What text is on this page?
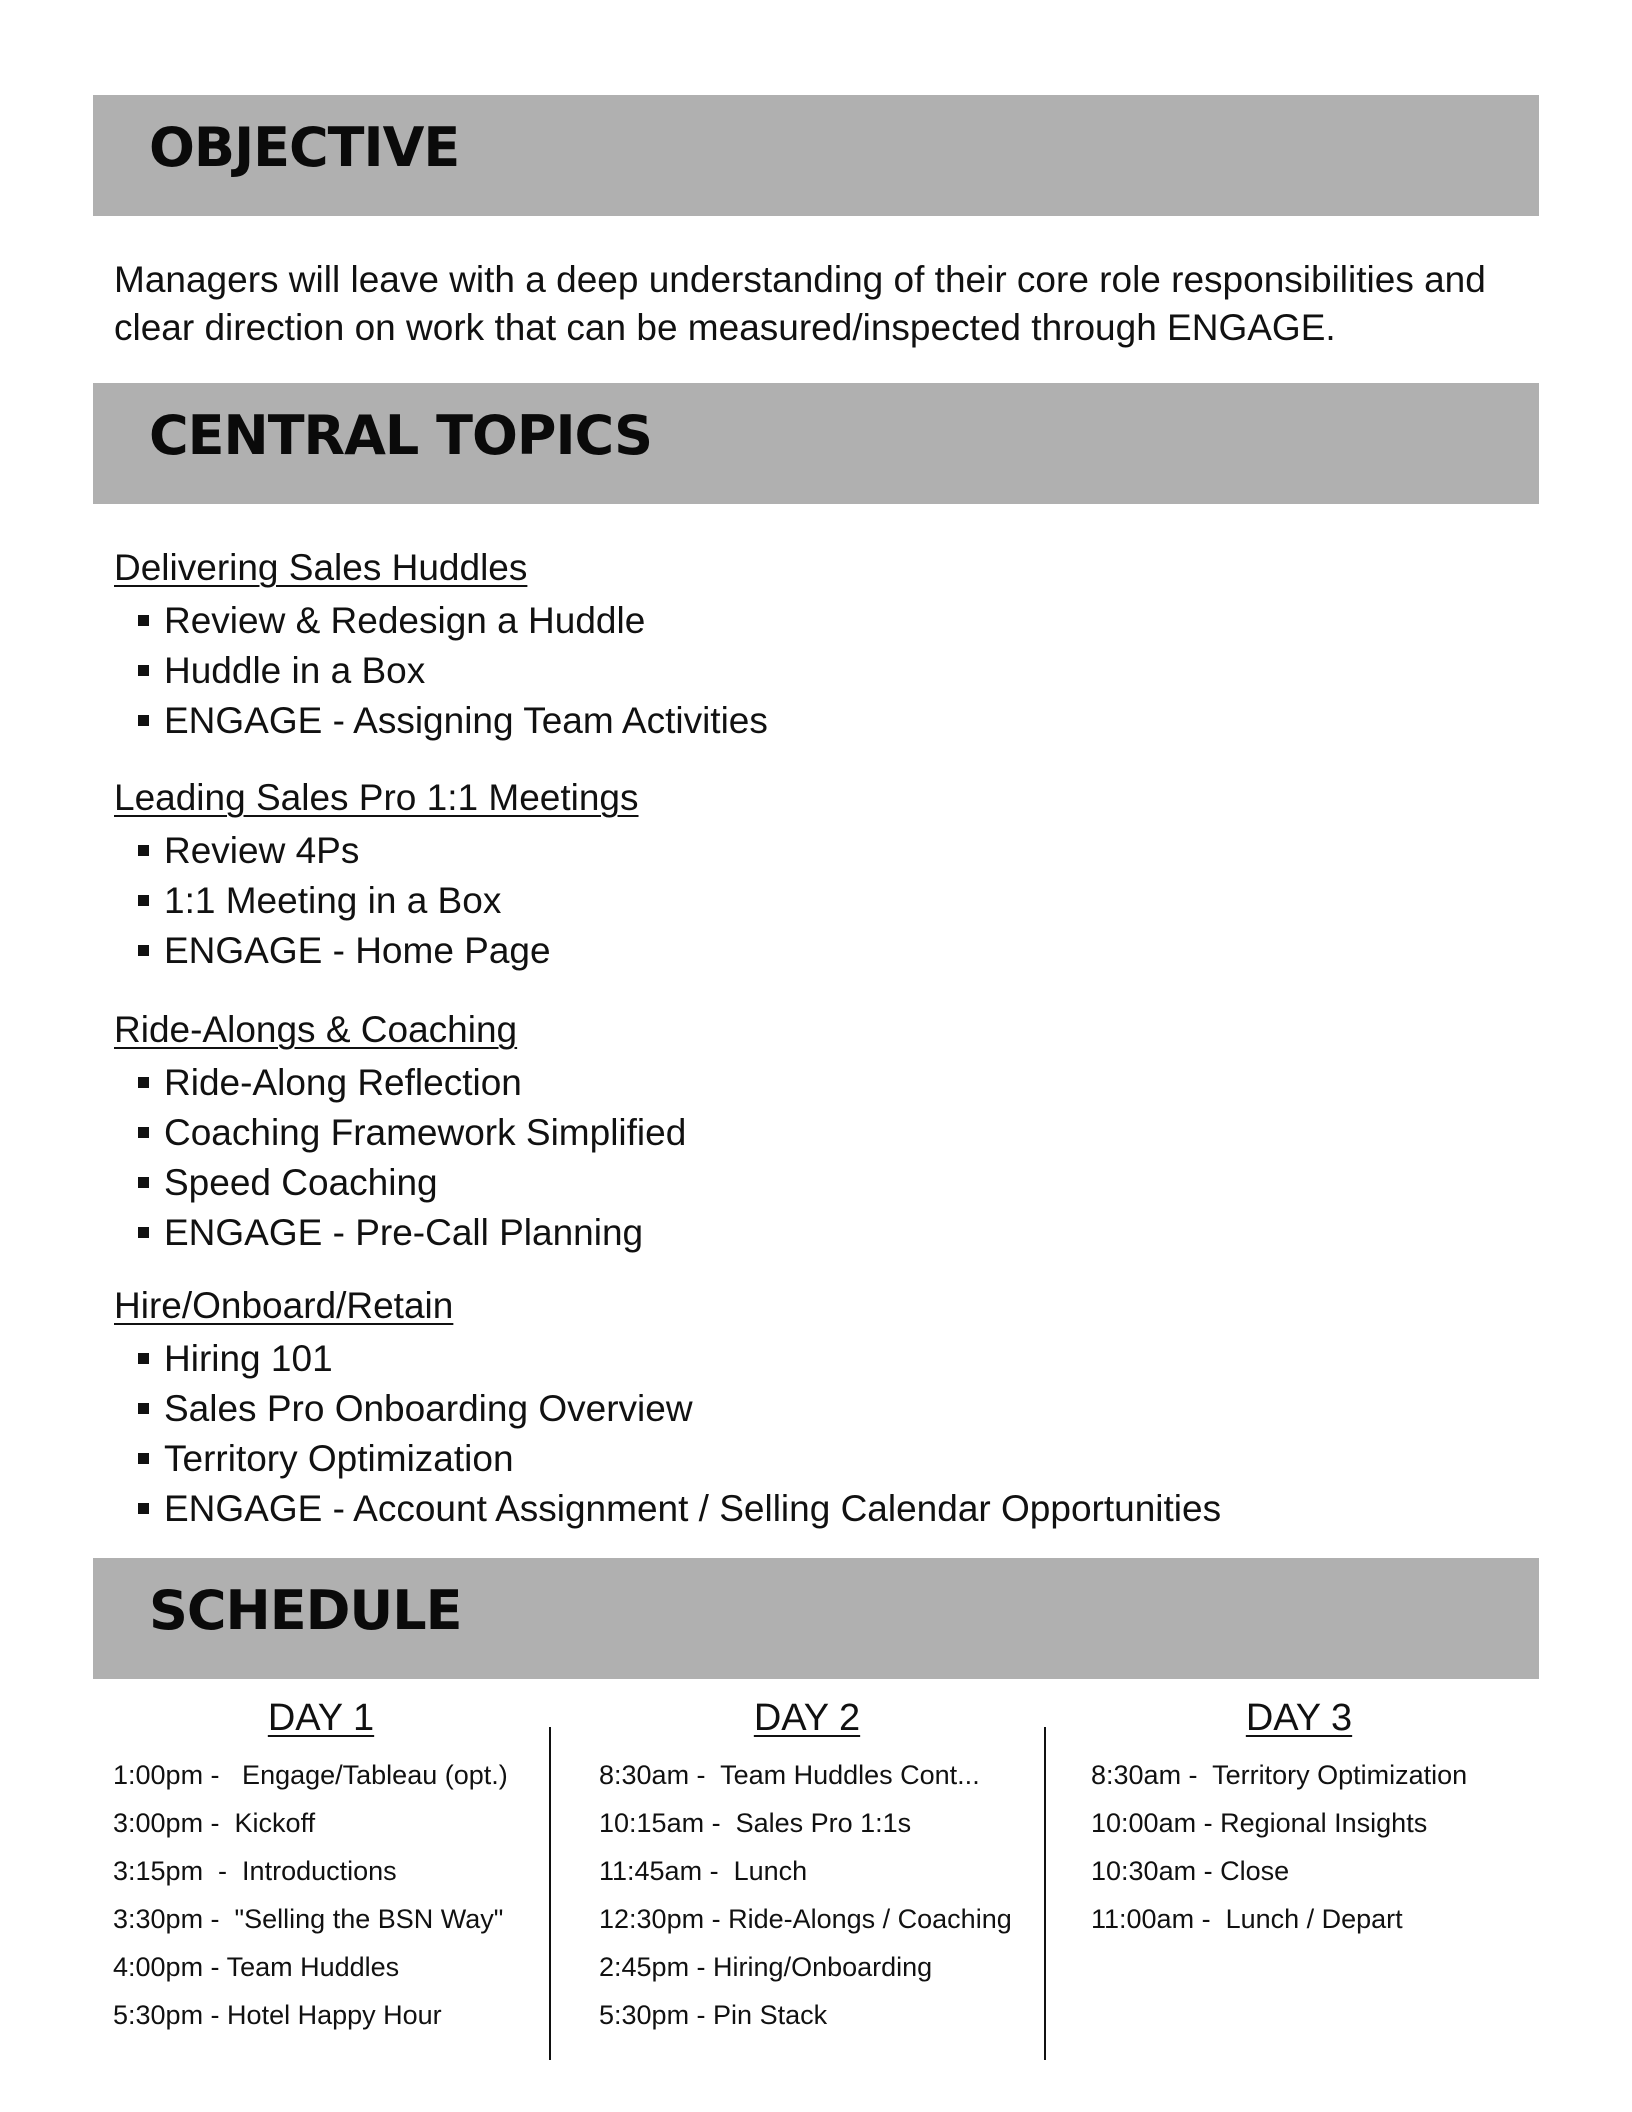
OBJECTIVE

Managers will leave with a deep understanding of their core role responsibilities and clear direction on work that can be measured/inspected through ENGAGE.

CENTRAL TOPICS

Delivering Sales Huddles

Review & Redesign a Huddle
Huddle in a Box
ENGAGE - Assigning Team Activities

Leading Sales Pro 1:1 Meetings

Review 4Ps
1:1 Meeting in a Box
ENGAGE - Home Page

Ride-Alongs & Coaching

Ride-Along Reflection
Coaching Framework Simplified
Speed Coaching
ENGAGE - Pre-Call Planning

Hire/Onboard/Retain

Hiring 101
Sales Pro Onboarding Overview
Territory Optimization
ENGAGE - Account Assignment / Selling Calendar Opportunities
SCHEDULE

DAY 1

1:00pm -   Engage/Tableau (opt.)
3:00pm -  Kickoff
3:15pm  -  Introductions
3:30pm -  "Selling the BSN Way"
4:00pm - Team Huddles
5:30pm - Hotel Happy Hour

DAY 2

8:30am -  Team Huddles Cont...
10:15am -  Sales Pro 1:1s
11:45am -  Lunch
12:30pm - Ride-Alongs / Coaching
2:45pm - Hiring/Onboarding
5:30pm - Pin Stack

DAY 3

8:30am -  Territory Optimization
10:00am - Regional Insights
10:30am - Close
11:00am -  Lunch / Depart
